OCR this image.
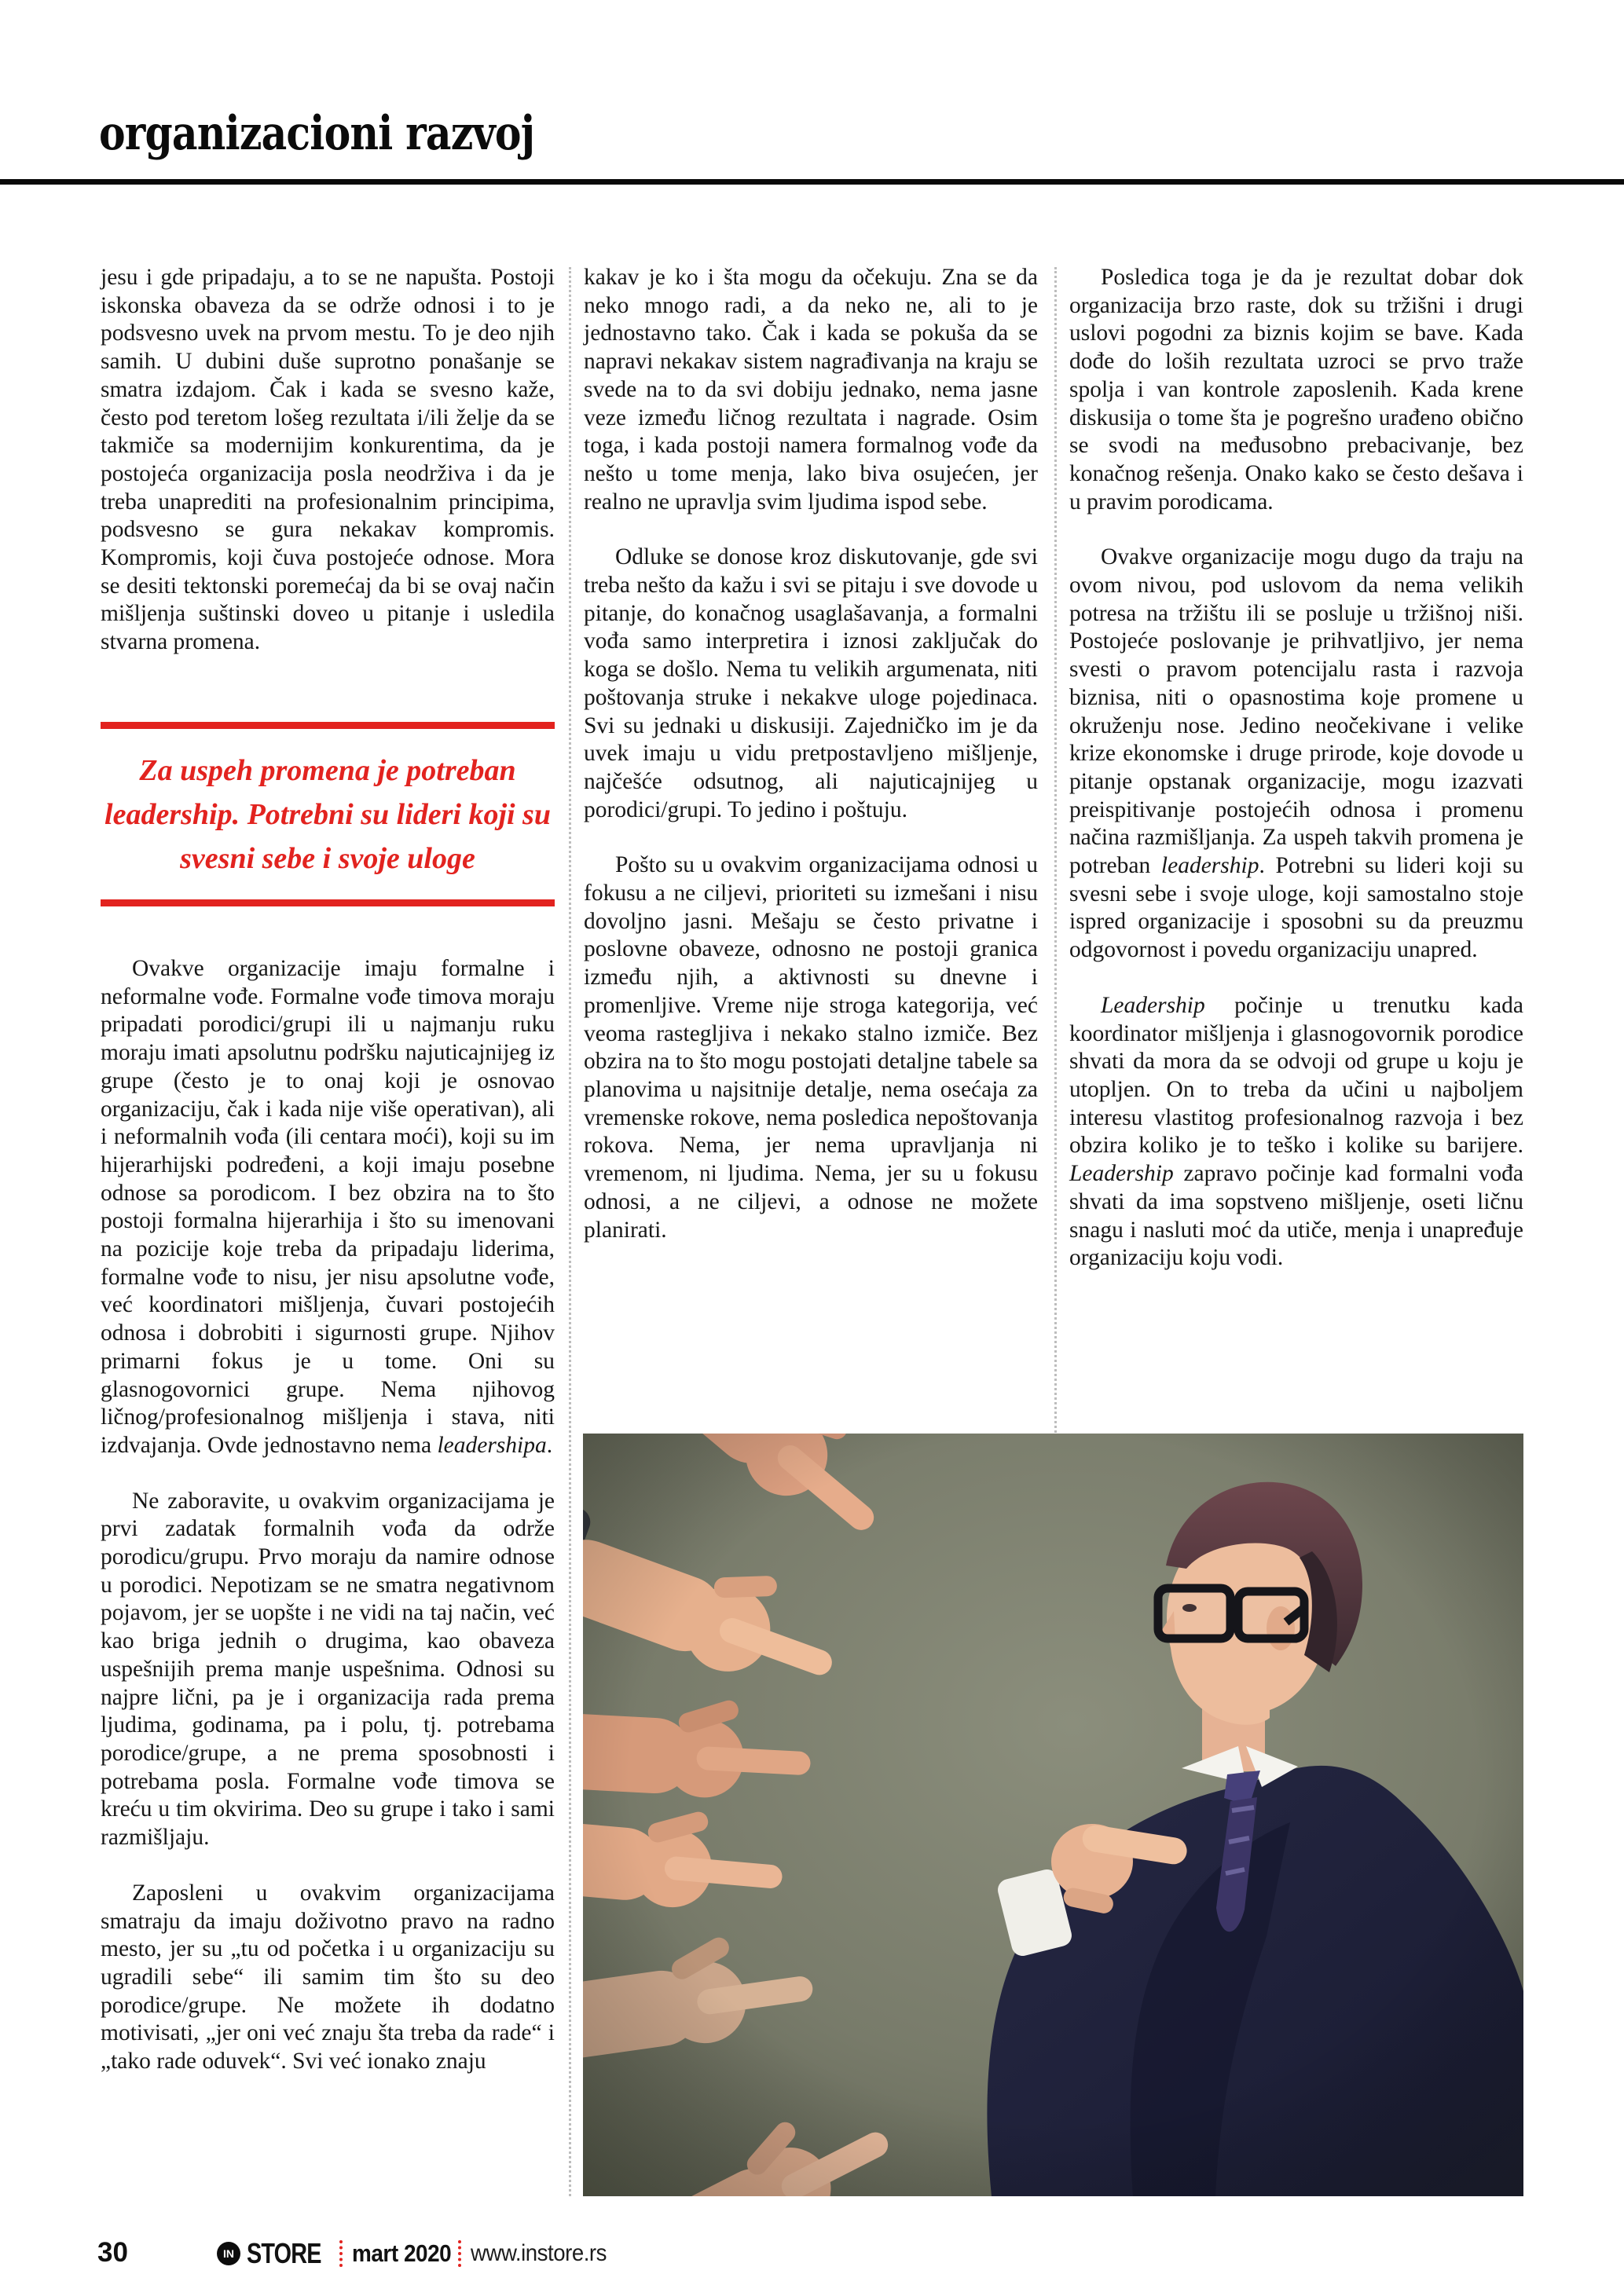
organizacioni razvoj
jesu i gde pripadaju, a to se ne napušta. Postoji iskonska obaveza da se održe odnosi i to je podsvesno uvek na prvom mestu. To je deo njih samih. U dubini duše suprotno ponašanje se smatra izdajom. Čak i kada se svesno kaže, često pod teretom lošeg rezultata i/ili želje da se takmiče sa modernijim konkurentima, da je postojeća organizacija posla neodrživa i da je treba unaprediti na profesionalnim principima, podsvesno se gura nekakav kompromis. Kompromis, koji čuva postojeće odnose. Mora se desiti tektonski poremećaj da bi se ovaj način mišljenja suštinski doveo u pitanje i usledila stvarna promena.
Za uspeh promena je potreban leadership. Potrebni su lideri koji su svesni sebe i svoje uloge
Ovakve organizacije imaju formalne i neformalne vođe. Formalne vođe timova moraju pripadati porodici/grupi ili u najmanju ruku moraju imati apsolutnu podršku najuticajnijeg iz grupe (često je to onaj koji je osnovao organizaciju, čak i kada nije više operativan), ali i neformalnih vođa (ili centara moći), koji su im hijerarhijski podređeni, a koji imaju posebne odnose sa porodicom. I bez obzira na to što postoji formalna hijerarhija i što su imenovani na pozicije koje treba da pripadaju liderima, formalne vođe to nisu, jer nisu apsolutne vođe, već koordinatori mišljenja, čuvari postojećih odnosa i dobrobiti i sigurnosti grupe. Njihov primarni fokus je u tome. Oni su glasnogovornici grupe. Nema njihovog ličnog/profesionalnog mišljenja i stava, niti izdvajanja. Ovde jednostavno nema leadershipa.
Ne zaboravite, u ovakvim organizacijama je prvi zadatak formalnih vođa da održe porodicu/grupu. Prvo moraju da namire odnose u porodici. Nepotizam se ne smatra negativnom pojavom, jer se uopšte i ne vidi na taj način, već kao briga jednih o drugima, kao obaveza uspešnijih prema manje uspešnima. Odnosi su najpre lični, pa je i organizacija rada prema ljudima, godinama, pa i polu, tj. potrebama porodice/grupe, a ne prema sposobnosti i potrebama posla. Formalne vođe timova se kreću u tim okvirima. Deo su grupe i tako i sami razmišljaju.
Zaposleni u ovakvim organizacijama smatraju da imaju doživotno pravo na radno mesto, jer su „tu od početka i u organizaciju su ugradili sebe“ ili samim tim što su deo porodice/grupe. Ne možete ih dodatno motivisati, „jer oni već znaju šta treba da rade“ i „tako rade oduvek“. Svi već ionako znaju
kakav je ko i šta mogu da očekuju. Zna se da neko mnogo radi, a da neko ne, ali to je jednostavno tako. Čak i kada se pokuša da se napravi nekakav sistem nagrađivanja na kraju se svede na to da svi dobiju jednako, nema jasne veze između ličnog rezultata i nagrade. Osim toga, i kada postoji namera formalnog vođe da nešto u tome menja, lako biva osujećen, jer realno ne upravlja svim ljudima ispod sebe.
Odluke se donose kroz diskutovanje, gde svi treba nešto da kažu i svi se pitaju i sve dovode u pitanje, do konačnog usaglašavanja, a formalni vođa samo interpretira i iznosi zaključak do koga se došlo. Nema tu velikih argumenata, niti poštovanja struke i nekakve uloge pojedinaca. Svi su jednaki u diskusiji. Zajedničko im je da uvek imaju u vidu pretpostavljeno mišljenje, najčešće odsutnog, ali najuticajnijeg u porodici/grupi. To jedino i poštuju.
Pošto su u ovakvim organizacijama odnosi u fokusu a ne ciljevi, prioriteti su izmešani i nisu dovoljno jasni. Mešaju se često privatne i poslovne obaveze, odnosno ne postoji granica između njih, a aktivnosti su dnevne i promenljive. Vreme nije stroga kategorija, već veoma rastegljiva i nekako stalno izmiče. Bez obzira na to što mogu postojati detaljne tabele sa planovima u najsitnije detalje, nema osećaja za vremenske rokove, nema posledica nepoštovanja rokova. Nema, jer nema upravljanja ni vremenom, ni ljudima. Nema, jer su u fokusu odnosi, a ne ciljevi, a odnose ne možete planirati.
Posledica toga je da je rezultat dobar dok organizacija brzo raste, dok su tržišni i drugi uslovi pogodni za biznis kojim se bave. Kada dođe do loših rezultata uzroci se prvo traže spolja i van kontrole zaposlenih. Kada krene diskusija o tome šta je pogrešno urađeno obično se svodi na međusobno prebacivanje, bez konačnog rešenja. Onako kako se često dešava i u pravim porodicama.
Ovakve organizacije mogu dugo da traju na ovom nivou, pod uslovom da nema velikih potresa na tržištu ili se posluje u tržišnoj niši. Postojeće poslovanje je prihvatljivo, jer nema svesti o pravom potencijalu rasta i razvoja biznisa, niti o opasnostima koje promene u okruženju nose. Jedino neočekivane i velike krize ekonomske i druge prirode, koje dovode u pitanje opstanak organizacije, mogu izazvati preispitivanje postojećih odnosa i promenu načina razmišljanja. Za uspeh takvih promena je potreban leadership. Potrebni su lideri koji su svesni sebe i svoje uloge, koji samostalno stoje ispred organizacije i sposobni su da preuzmu odgovornost i povedu organizaciju unapred.
Leadership počinje u trenutku kada koordinator mišljenja i glasnogovornik porodice shvati da mora da se odvoji od grupe u koju je utopljen. On to treba da učini u najboljem interesu vlastitog profesionalnog razvoja i bez obzira koliko je to teško i kolike su barijere. Leadership zapravo počinje kad formalni vođa shvati da ima sopstveno mišljenje, oseti ličnu snagu i nasluti moć da utiče, menja i unapređuje organizaciju koju vodi.
30	IN STORE mart 2020 www.instore.rs
